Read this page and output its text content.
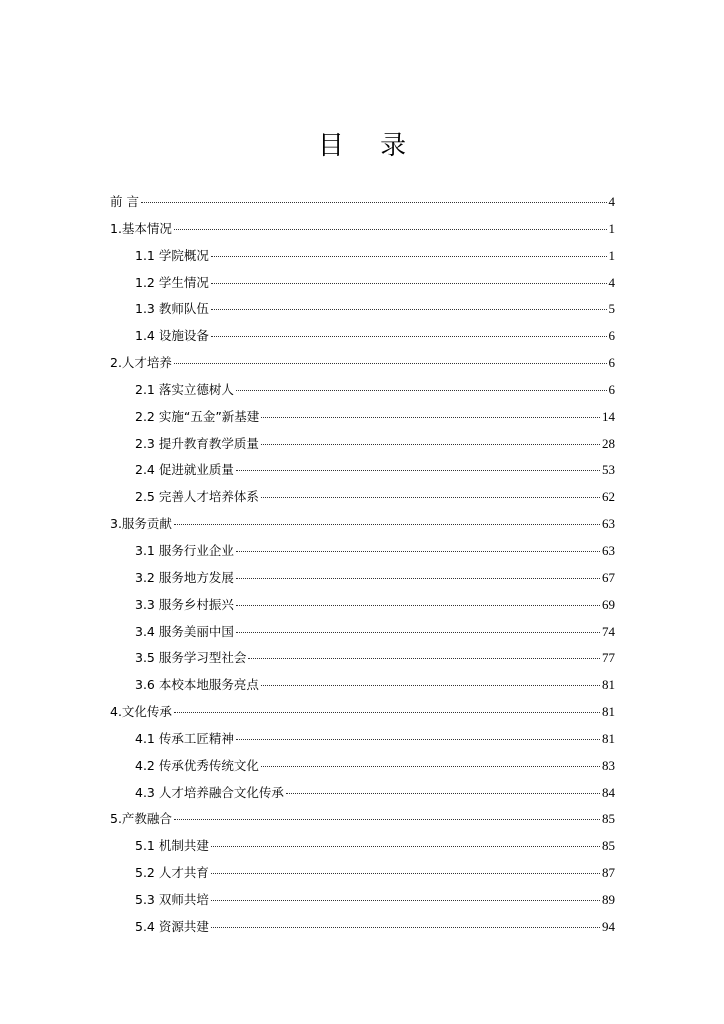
目 录
前 言	4
1.基本情况	1
1.1 学院概况	1
1.2 学生情况	4
1.3 教师队伍	5
1.4 设施设备	6
2.人才培养	6
2.1 落实立德树人	6
2.2 实施“五金”新基建	14
2.3 提升教育教学质量	28
2.4 促进就业质量	53
2.5 完善人才培养体系	62
3.服务贡献	63
3.1 服务行业企业	63
3.2 服务地方发展	67
3.3 服务乡村振兴	69
3.4 服务美丽中国	74
3.5 服务学习型社会	77
3.6 本校本地服务亮点	81
4.文化传承	81
4.1 传承工匠精神	81
4.2 传承优秀传统文化	83
4.3 人才培养融合文化传承	84
5.产教融合	85
5.1 机制共建	85
5.2 人才共育	87
5.3 双师共培	89
5.4 资源共建	94
